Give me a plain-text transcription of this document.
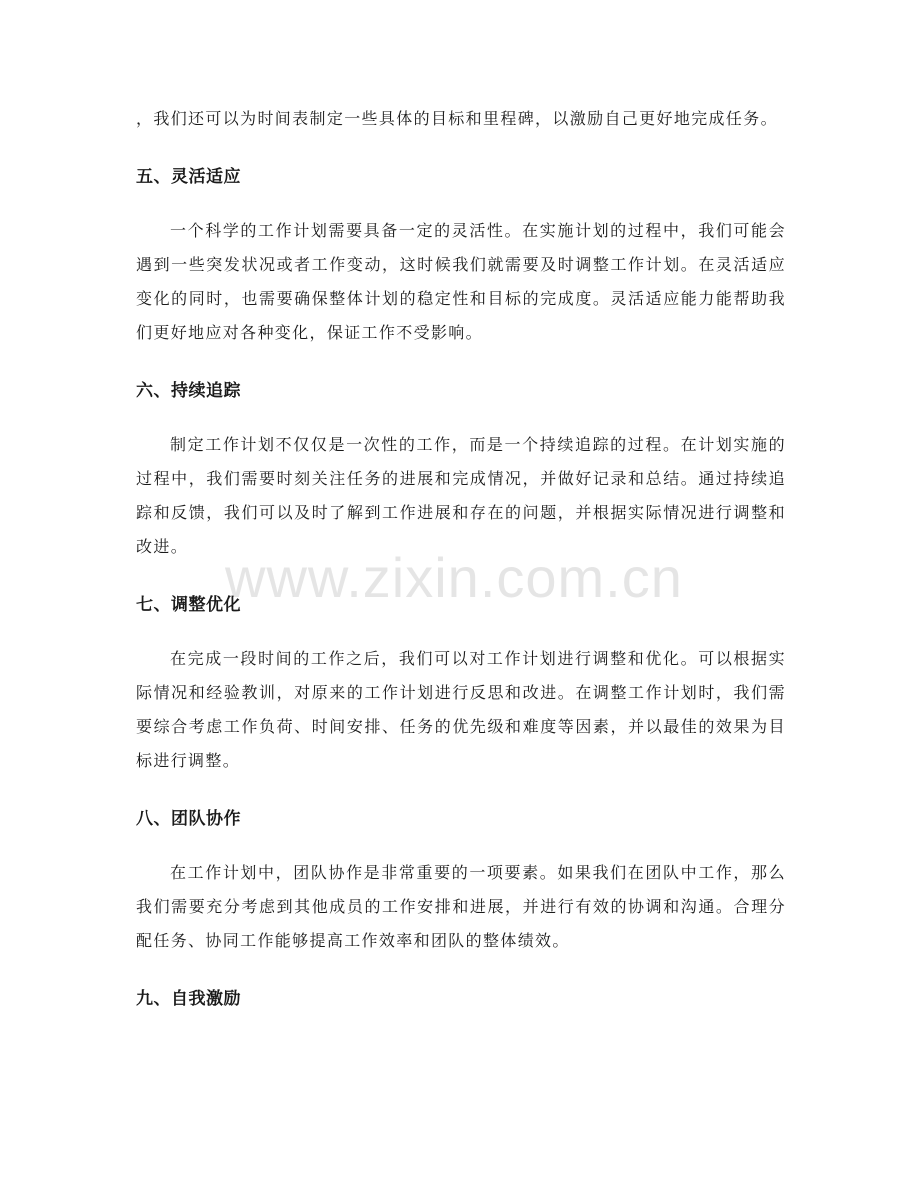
，我们还可以为时间表制定一些具体的目标和里程碑，以激励自己更好地完成任务。

五、灵活适应

一个科学的工作计划需要具备一定的灵活性。在实施计划的过程中，我们可能会遇到一些突发状况或者工作变动，这时候我们就需要及时调整工作计划。在灵活适应变化的同时，也需要确保整体计划的稳定性和目标的完成度。灵活适应能力能帮助我们更好地应对各种变化，保证工作不受影响。

六、持续追踪

制定工作计划不仅仅是一次性的工作，而是一个持续追踪的过程。在计划实施的过程中，我们需要时刻关注任务的进展和完成情况，并做好记录和总结。通过持续追踪和反馈，我们可以及时了解到工作进展和存在的问题，并根据实际情况进行调整和改进。

七、调整优化

在完成一段时间的工作之后，我们可以对工作计划进行调整和优化。可以根据实际情况和经验教训，对原来的工作计划进行反思和改进。在调整工作计划时，我们需要综合考虑工作负荷、时间安排、任务的优先级和难度等因素，并以最佳的效果为目标进行调整。

八、团队协作

在工作计划中，团队协作是非常重要的一项要素。如果我们在团队中工作，那么我们需要充分考虑到其他成员的工作安排和进展，并进行有效的协调和沟通。合理分配任务、协同工作能够提高工作效率和团队的整体绩效。

九、自我激励
www.zixin.com.cn
